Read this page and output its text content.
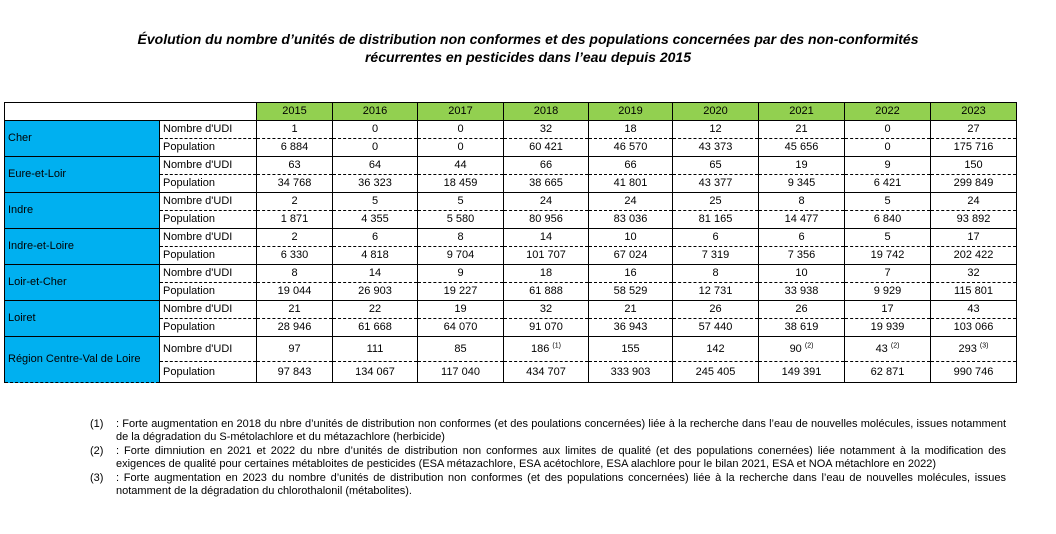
Évolution du nombre d’unités de distribution non conformes et des populations concernées par des non-conformités
récurrentes en pesticides dans l’eau depuis 2015
		2015	2016	2017	2018	2019	2020	2021	2022	2023
Cher	Nombre d'UDI	1	0	0	32	18	12	21	0	27
	Population	6 884	0	0	60 421	46 570	43 373	45 656	0	175 716
Eure-et-Loir	Nombre d'UDI	63	64	44	66	66	65	19	9	150
	Population	34 768	36 323	18 459	38 665	41 801	43 377	9 345	6 421	299 849
Indre	Nombre d'UDI	2	5	5	24	24	25	8	5	24
	Population	1 871	4 355	5 580	80 956	83 036	81 165	14 477	6 840	93 892
Indre-et-Loire	Nombre d'UDI	2	6	8	14	10	6	6	5	17
	Population	6 330	4 818	9 704	101 707	67 024	7 319	7 356	19 742	202 422
Loir-et-Cher	Nombre d'UDI	8	14	9	18	16	8	10	7	32
	Population	19 044	26 903	19 227	61 888	58 529	12 731	33 938	9 929	115 801
Loiret	Nombre d'UDI	21	22	19	32	21	26	26	17	43
	Population	28 946	61 668	64 070	91 070	36 943	57 440	38 619	19 939	103 066
Région Centre-Val de Loire	Nombre d'UDI	97	111	85	186 $^{(1)}$	155	142	90 $^{(2)}$	43 $^{(2)}$	293 $^{(3)}$
	Population	97 843	134 067	117 040	434 707	333 903	245 405	149 391	62 871	990 746
(1)	: Forte augmentation en 2018 du nbre d’unités de distribution non conformes (et des poulations concernées) liée à la recherche dans l’eau de nouvelles molécules, issues notamment de la dégradation du S-métolachlore et du métazachlore (herbicide)
(2)	: Forte dimniution en 2021 et 2022 du nbre d’unités de distribution non conformes aux limites de qualité (et des populations conernées) liée notamment à la modification des exigences de qualité pour certaines métabloites de pesticides (ESA métazachlore, ESA acétochlore, ESA alachlore pour le bilan 2021, ESA et NOA métachlore en 2022)
(3)	: Forte augmentation en 2023 du nombre d’unités de distribution non conformes (et des populations concernées) liée à la recherche dans l’eau de nouvelles molécules, issues notamment de la dégradation du chlorothalonil (métabolites).
